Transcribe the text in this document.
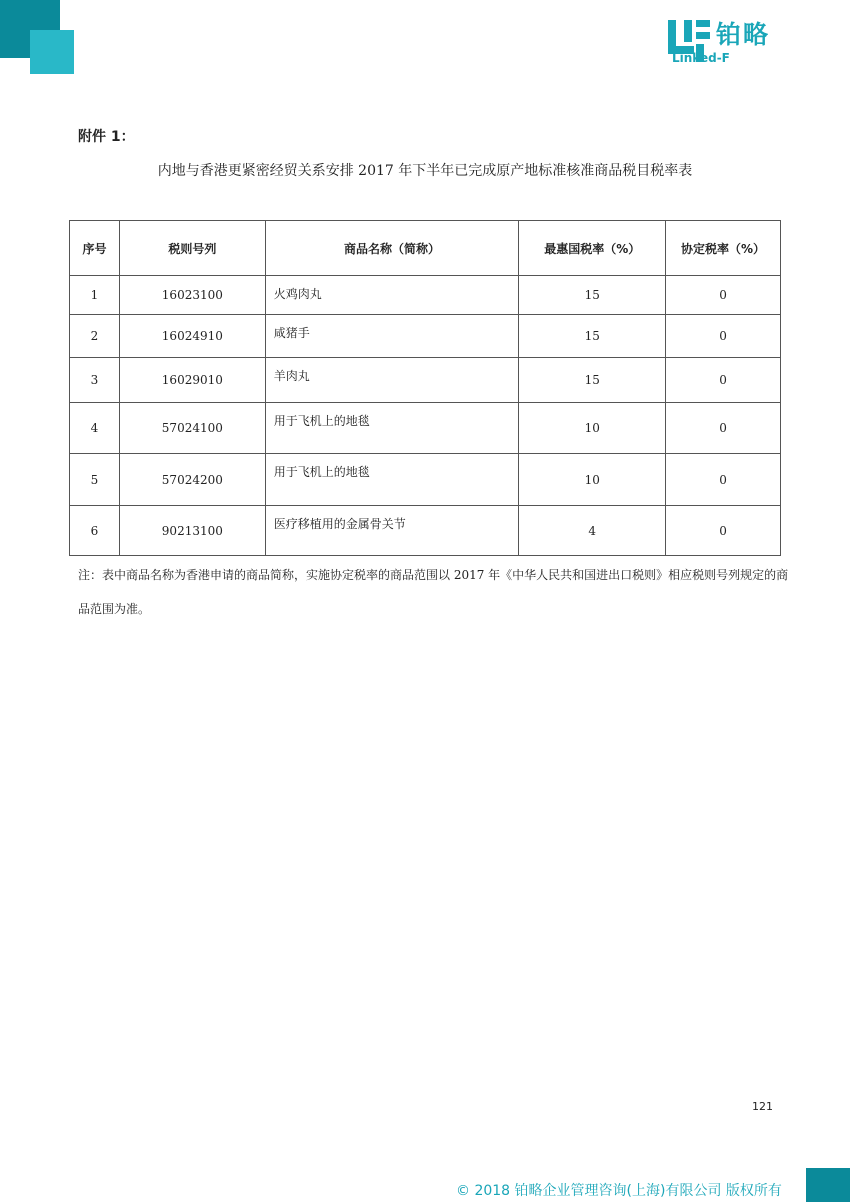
铂略
Linked-F
附件 1：
内地与香港更紧密经贸关系安排 2017 年下半年已完成原产地标准核准商品税目税率表
序号	税则号列	商品名称（简称）	最惠国税率（%）	协定税率（%）
1	16023100	火鸡肉丸	15	0
2	16024910	咸猪手	15	0
3	16029010	羊肉丸	15	0
4	57024100	用于飞机上的地毯	10	0
5	57024200	用于飞机上的地毯	10	0
6	90213100	医疗移植用的金属骨关节	4	0
注：表中商品名称为香港申请的商品简称，实施协定税率的商品范围以 2017 年《中华人民共和国进出口税则》相应税则号列规定的商品范围为准。
121
© 2018 铂略企业管理咨询(上海)有限公司 版权所有
